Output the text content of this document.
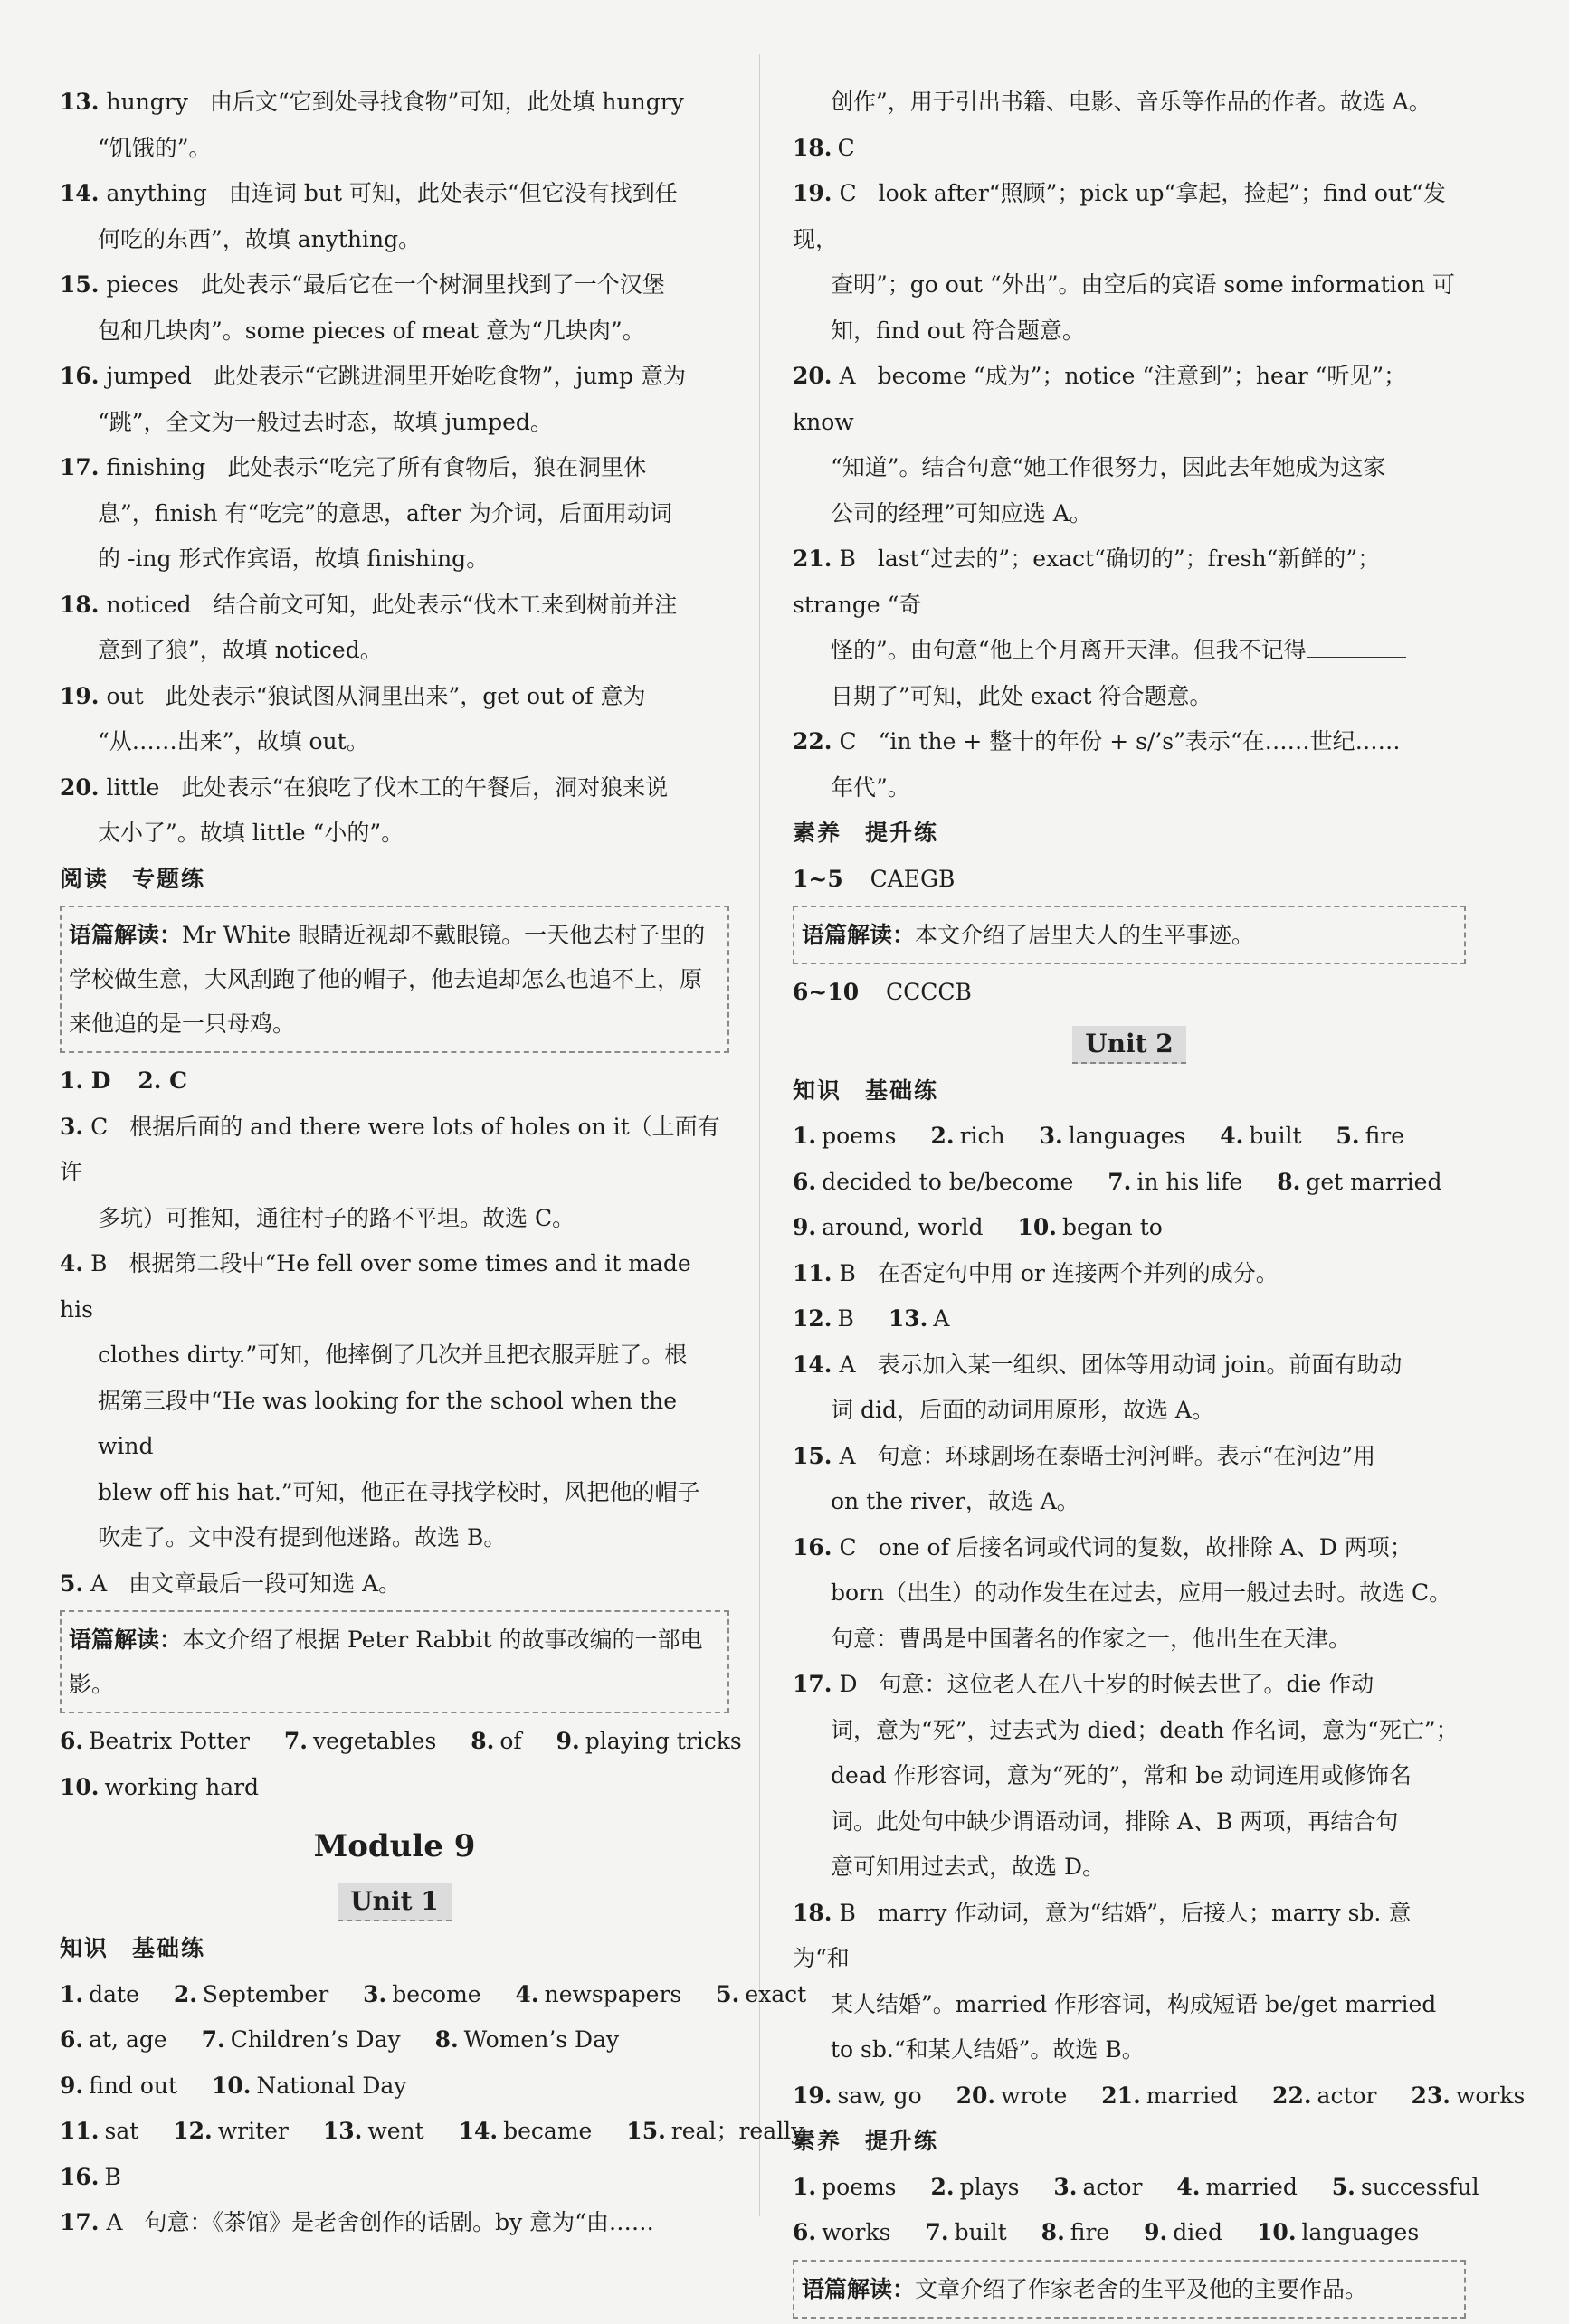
13. hungry 由后文“它到处寻找食物”可知，此处填 hungry
“饥饿的”。
14. anything 由连词 but 可知，此处表示“但它没有找到任
何吃的东西”，故填 anything。
15. pieces 此处表示“最后它在一个树洞里找到了一个汉堡
包和几块肉”。some pieces of meat 意为“几块肉”。
16. jumped 此处表示“它跳进洞里开始吃食物”，jump 意为
“跳”，全文为一般过去时态，故填 jumped。
17. finishing 此处表示“吃完了所有食物后，狼在洞里休
息”，finish 有“吃完”的意思，after 为介词，后面用动词
的 -ing 形式作宾语，故填 finishing。
18. noticed 结合前文可知，此处表示“伐木工来到树前并注
意到了狼”，故填 noticed。
19. out 此处表示“狼试图从洞里出来”，get out of 意为
“从……出来”，故填 out。
20. little 此处表示“在狼吃了伐木工的午餐后，洞对狼来说
太小了”。故填 little “小的”。
阅读 专题练
语篇解读：Mr White 眼睛近视却不戴眼镜。一天他去村子里的学校做生意，大风刮跑了他的帽子，他去追却怎么也追不上，原来他追的是一只母鸡。
1. D 2. C
3. C 根据后面的 and there were lots of holes on it（上面有许
多坑）可推知，通往村子的路不平坦。故选 C。
4. B 根据第二段中“He fell over some times and it made his
clothes dirty.”可知，他摔倒了几次并且把衣服弄脏了。根
据第三段中“He was looking for the school when the wind
blew off his hat.”可知，他正在寻找学校时，风把他的帽子
吹走了。文中没有提到他迷路。故选 B。
5. A 由文章最后一段可知选 A。
语篇解读：本文介绍了根据 Peter Rabbit 的故事改编的一部电影。
6. Beatrix Potter 7. vegetables 8. of 9. playing tricks
10. working hard
Module 9
Unit 1
知识 基础练
1. date 2. September 3. become 4. newspapers 5. exact
6. at, age 7. Children’s Day 8. Women’s Day
9. find out 10. National Day
11. sat 12. writer 13. went 14. became 15. real；really
16. B
17. A 句意：《茶馆》是老舍创作的话剧。by 意为“由……
创作”，用于引出书籍、电影、音乐等作品的作者。故选 A。
18. C
19. C look after“照顾”；pick up“拿起，捡起”；find out“发现，
查明”；go out “外出”。由空后的宾语 some information 可
知，find out 符合题意。
20. A become “成为”；notice “注意到”；hear “听见”；know
“知道”。结合句意“她工作很努力，因此去年她成为这家
公司的经理”可知应选 A。
21. B last“过去的”；exact“确切的”；fresh“新鲜的”；strange “奇
怪的”。由句意“他上个月离开天津。但我不记得
日期了”可知，此处 exact 符合题意。
22. C “in the + 整十的年份 + s/’s”表示“在……世纪……
年代”。
素养 提升练
1~5 CAEGB
语篇解读：本文介绍了居里夫人的生平事迹。
6~10 CCCCB
Unit 2
知识 基础练
1. poems 2. rich 3. languages 4. built 5. fire
6. decided to be/become 7. in his life 8. get married
9. around, world 10. began to
11. B 在否定句中用 or 连接两个并列的成分。
12. B 13. A
14. A 表示加入某一组织、团体等用动词 join。前面有助动
词 did，后面的动词用原形，故选 A。
15. A 句意：环球剧场在泰晤士河河畔。表示“在河边”用
on the river，故选 A。
16. C one of 后接名词或代词的复数，故排除 A、D 两项；
born（出生）的动作发生在过去，应用一般过去时。故选 C。
句意：曹禺是中国著名的作家之一，他出生在天津。
17. D 句意：这位老人在八十岁的时候去世了。die 作动
词，意为“死”，过去式为 died；death 作名词，意为“死亡”；
dead 作形容词，意为“死的”，常和 be 动词连用或修饰名
词。此处句中缺少谓语动词，排除 A、B 两项，再结合句
意可知用过去式，故选 D。
18. B marry 作动词，意为“结婚”，后接人；marry sb. 意为“和
某人结婚”。married 作形容词，构成短语 be/get married
to sb.“和某人结婚”。故选 B。
19. saw, go 20. wrote 21. married 22. actor 23. works
素养 提升练
1. poems 2. plays 3. actor 4. married 5. successful
6. works 7. built 8. fire 9. died 10. languages
语篇解读：文章介绍了作家老舍的生平及他的主要作品。
